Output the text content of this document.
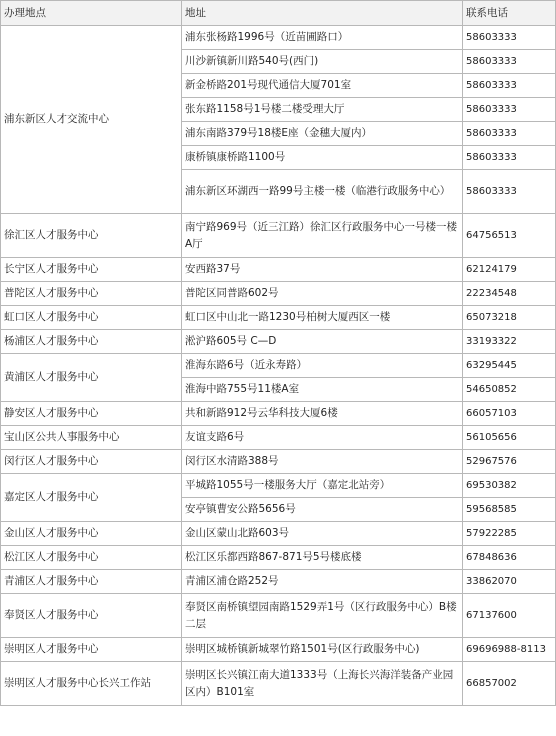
办理地点	地址	联系电话
浦东新区人才交流中心	浦东张杨路1996号（近苗圃路口）	58603333
	川沙新镇新川路540号(西门)	58603333
	新金桥路201号现代通信大厦701室	58603333
	张东路1158号1号楼二楼受理大厅	58603333
	浦东南路379号18楼E座（金穗大厦内）	58603333
	康桥镇康桥路1100号	58603333
	浦东新区环湖西一路99号主楼一楼（临港行政服务中心）	58603333
徐汇区人才服务中心	南宁路969号（近三江路）徐汇区行政服务中心一号楼一楼A厅	64756513
长宁区人才服务中心	安西路37号	62124179
普陀区人才服务中心	普陀区同普路602号	22234548
虹口区人才服务中心	虹口区中山北一路1230号柏树大厦西区一楼	65073218
杨浦区人才服务中心	淞沪路605号 C—D	33193322
黄浦区人才服务中心	淮海东路6号（近永寿路）	63295445
	淮海中路755号11楼A室	54650852
静安区人才服务中心	共和新路912号云华科技大厦6楼	66057103
宝山区公共人事服务中心	友谊支路6号	56105656
闵行区人才服务中心	闵行区水清路388号	52967576
嘉定区人才服务中心	平城路1055号一楼服务大厅（嘉定北站旁）	69530382
	安亭镇曹安公路5656号	59568585
金山区人才服务中心	金山区蒙山北路603号	57922285
松江区人才服务中心	松江区乐都西路867-871号5号楼底楼	67848636
青浦区人才服务中心	青浦区浦仓路252号	33862070
奉贤区人才服务中心	奉贤区南桥镇望园南路1529弄1号（区行政服务中心）B楼二层	67137600
崇明区人才服务中心	崇明区城桥镇新城翠竹路1501号(区行政服务中心)	69696988-8113
崇明区人才服务中心长兴工作站	崇明区长兴镇江南大道1333号（上海长兴海洋装备产业园区内）B101室	66857002
